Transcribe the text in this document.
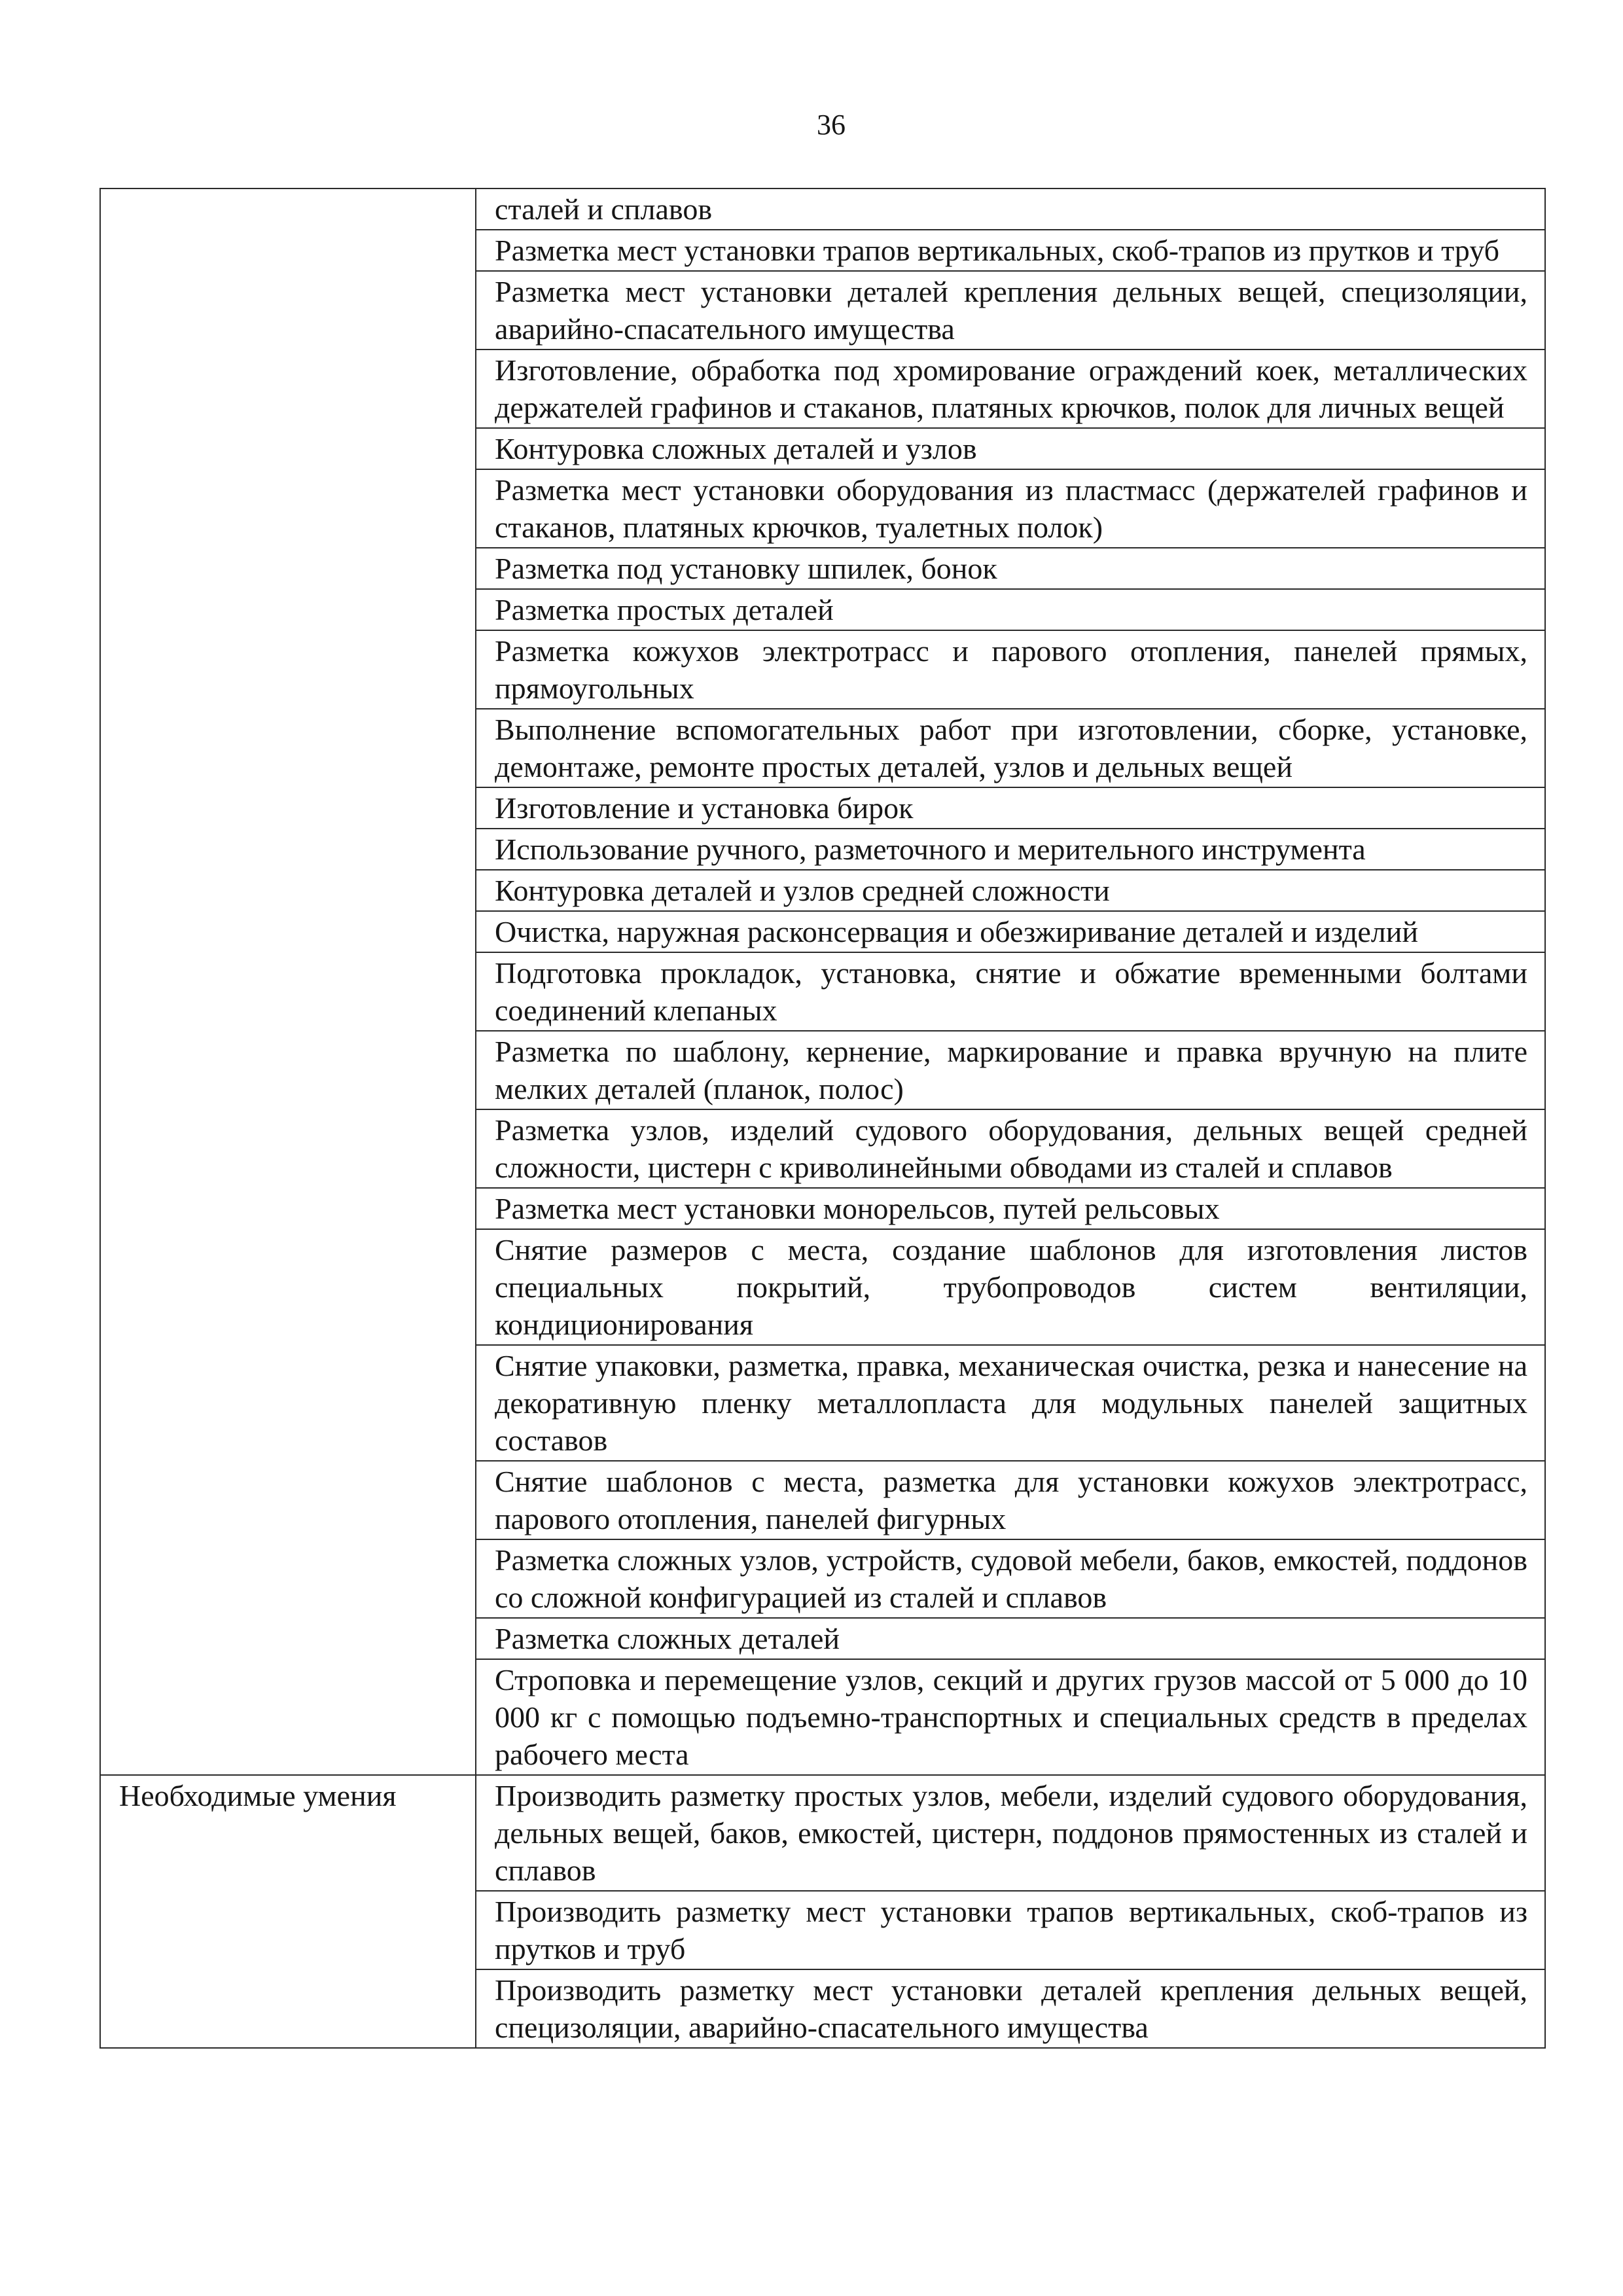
36
	сталей и сплавов
	Разметка мест установки трапов вертикальных, скоб-трапов из прутков и труб
	Разметка мест установки деталей крепления дельных вещей, специзоляции, аварийно-спасательного имущества
	Изготовление, обработка под хромирование ограждений коек, металлических держателей графинов и стаканов, платяных крючков, полок для личных вещей
	Контуровка сложных деталей и узлов
	Разметка мест установки оборудования из пластмасс (держателей графинов и стаканов, платяных крючков, туалетных полок)
	Разметка под установку шпилек, бонок
	Разметка простых деталей
	Разметка кожухов электротрасс и парового отопления, панелей прямых, прямоугольных
	Выполнение вспомогательных работ при изготовлении, сборке, установке, демонтаже, ремонте простых деталей, узлов и дельных вещей
	Изготовление и установка бирок
	Использование ручного, разметочного и мерительного инструмента
	Контуровка деталей и узлов средней сложности
	Очистка, наружная расконсервация и обезжиривание деталей и изделий
	Подготовка прокладок, установка, снятие и обжатие временными болтами соединений клепаных
	Разметка по шаблону, кернение, маркирование и правка вручную на плите мелких деталей (планок, полос)
	Разметка узлов, изделий судового оборудования, дельных вещей средней сложности, цистерн с криволинейными обводами из сталей и сплавов
	Разметка мест установки монорельсов, путей рельсовых
	Снятие размеров с места, создание шаблонов для изготовления листов специальных покрытий, трубопроводов систем вентиляции, кондиционирования
	Снятие упаковки, разметка, правка, механическая очистка, резка и нанесение на декоративную пленку металлопласта для модульных панелей защитных составов
	Снятие шаблонов с места, разметка для установки кожухов электротрасс, парового отопления, панелей фигурных
	Разметка сложных узлов, устройств, судовой мебели, баков, емкостей, поддонов со сложной конфигурацией из сталей и сплавов
	Разметка сложных деталей
	Строповка и перемещение узлов, секций и других грузов массой от 5 000 до 10 000 кг с помощью подъемно-транспортных и специальных средств в пределах рабочего места
Необходимые умения	Производить разметку простых узлов, мебели, изделий судового оборудования, дельных вещей, баков, емкостей, цистерн, поддонов прямостенных из сталей и сплавов
	Производить разметку мест установки трапов вертикальных, скоб-трапов из прутков и труб
	Производить разметку мест установки деталей крепления дельных вещей, специзоляции, аварийно-спасательного имущества
